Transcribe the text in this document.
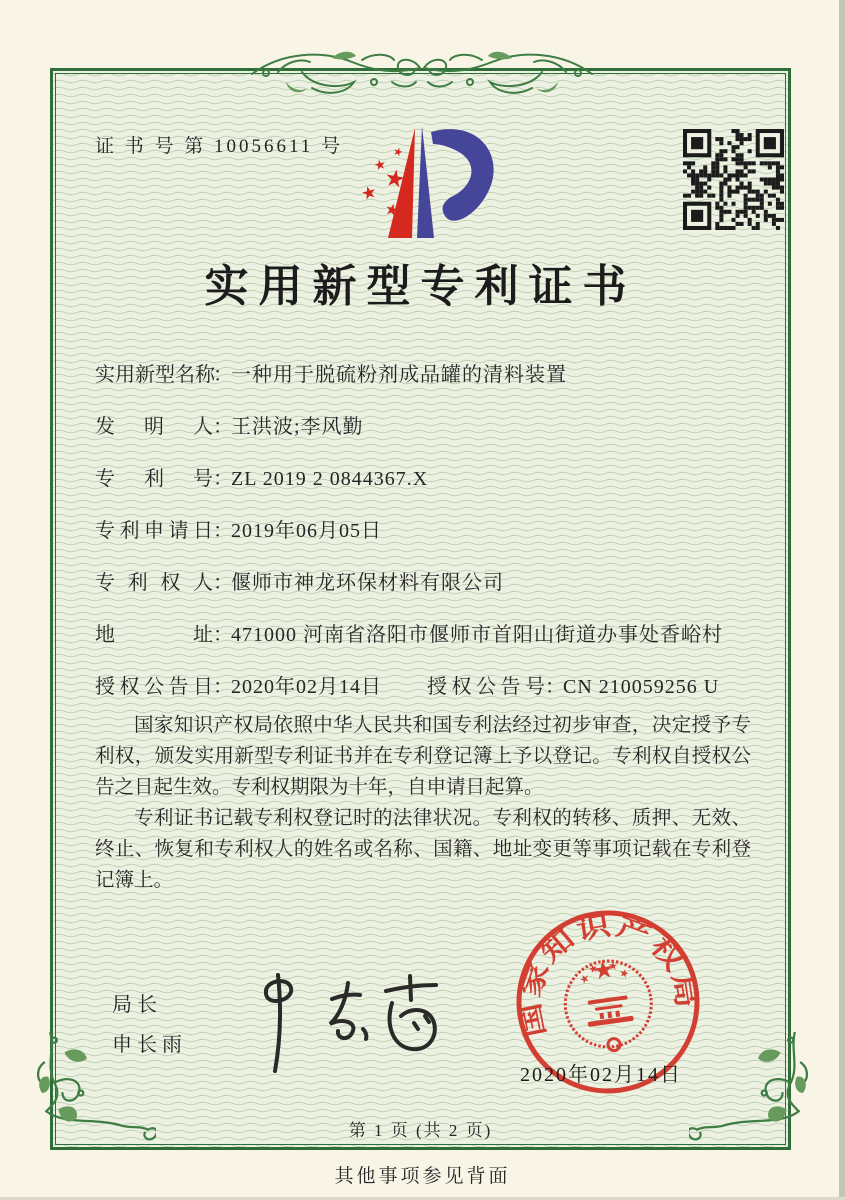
证 书 号 第 10056611 号
实用新型专利证书
实用新型名称：一种用于脱硫粉剂成品罐的清料装置
发明人：王洪波;李风勤
专利号：ZL 2019 2 0844367.X
专利申请日：2019年06月05日
专利权人：偃师市神龙环保材料有限公司
地址：471000 河南省洛阳市偃师市首阳山街道办事处香峪村
授权公告日：2020年02月14日 授权公告号：CN 210059256 U

国家知识产权局依照中华人民共和国专利法经过初步审查，决定授予专利权，颁发实用新型专利证书并在专利登记簿上予以登记。专利权自授权公告之日起生效。专利权期限为十年，自申请日起算。

专利证书记载专利权登记时的法律状况。专利权的转移、质押、无效、终止、恢复和专利权人的姓名或名称、国籍、地址变更等事项记载在专利登记簿上。

局长
申长雨
国家知识产权局
2020年02月14日
第 1 页 (共 2 页)
其他事项参见背面
